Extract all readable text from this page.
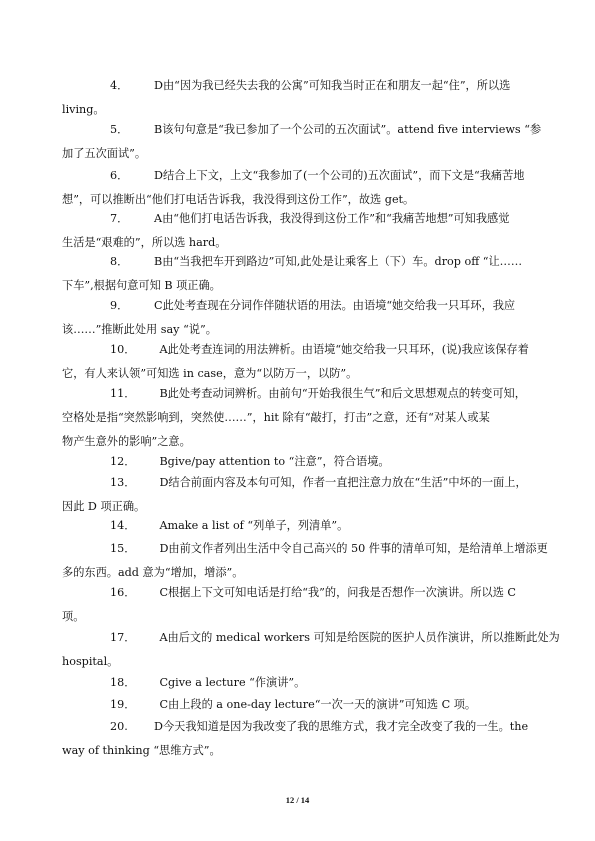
4． D由“因为我已经失去我的公寓”可知我当时正在和朋友一起“住”，所以选
living。
5． B该句句意是“我已参加了一个公司的五次面试”。attend five interviews “参
加了五次面试”。
6． D结合上下文，上文“我参加了(一个公司的)五次面试”，而下文是“我痛苦地
想”，可以推断出“他们打电话告诉我，我没得到这份工作”，故选 get。
7． A由“他们打电话告诉我，我没得到这份工作”和“我痛苦地想”可知我感觉
生活是“艰难的”，所以选 hard。
8． B由“当我把车开到路边”可知,此处是让乘客上（下）车。drop off “让……
下车”,根据句意可知 B 项正确。
9． C此处考查现在分词作伴随状语的用法。由语境“她交给我一只耳环，我应
该……”推断此处用 say “说”。
10． A此处考查连词的用法辨析。由语境“她交给我一只耳环，(说)我应该保存着
它，有人来认领”可知选 in case，意为“以防万一，以防”。
11． B此处考查动词辨析。由前句“开始我很生气”和后文思想观点的转变可知，
空格处是指“突然影响到，突然使……”，hit 除有“敲打，打击”之意，还有“对某人或某
物产生意外的影响”之意。
12． Bgive/pay attention to “注意”，符合语境。
13． D结合前面内容及本句可知，作者一直把注意力放在“生活”中坏的一面上，
因此 D 项正确。
14． Amake a list of “列单子，列清单”。
15． D由前文作者列出生活中令自己高兴的 50 件事的清单可知，是给清单上增添更
多的东西。add 意为“增加，增添”。
16． C根据上下文可知电话是打给“我”的，问我是否想作一次演讲。所以选 C
项。
17． A由后文的 medical workers 可知是给医院的医护人员作演讲，所以推断此处为
hospital。
18． Cgive a lecture “作演讲”。
19． C由上段的 a one-day lecture“一次一天的演讲”可知选 C 项。
20. D今天我知道是因为我改变了我的思维方式，我才完全改变了我的一生。the
way of thinking “思维方式”。
12 / 14
